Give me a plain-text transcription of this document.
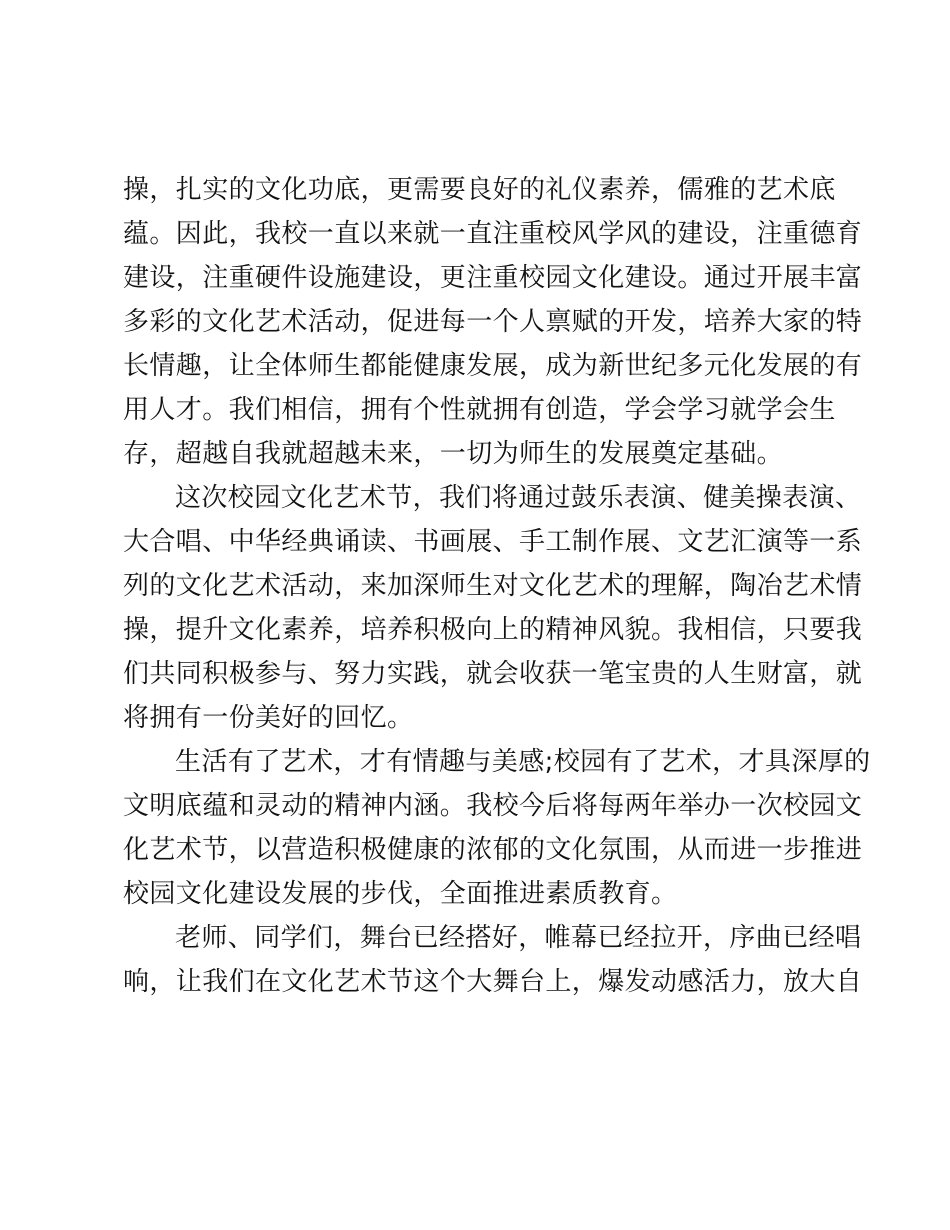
操，扎实的文化功底，更需要良好的礼仪素养，儒雅的艺术底
蕴。因此，我校一直以来就一直注重校风学风的建设，注重德育
建设，注重硬件设施建设，更注重校园文化建设。通过开展丰富
多彩的文化艺术活动，促进每一个人禀赋的开发，培养大家的特
长情趣，让全体师生都能健康发展，成为新世纪多元化发展的有
用人才。我们相信，拥有个性就拥有创造，学会学习就学会生
存，超越自我就超越未来，一切为师生的发展奠定基础。
这次校园文化艺术节，我们将通过鼓乐表演、健美操表演、
大合唱、中华经典诵读、书画展、手工制作展、文艺汇演等一系
列的文化艺术活动，来加深师生对文化艺术的理解，陶冶艺术情
操，提升文化素养，培养积极向上的精神风貌。我相信，只要我
们共同积极参与、努力实践，就会收获一笔宝贵的人生财富，就
将拥有一份美好的回忆。
生活有了艺术，才有情趣与美感;校园有了艺术，才具深厚的
文明底蕴和灵动的精神内涵。我校今后将每两年举办一次校园文
化艺术节，以营造积极健康的浓郁的文化氛围，从而进一步推进
校园文化建设发展的步伐，全面推进素质教育。
老师、同学们，舞台已经搭好，帷幕已经拉开，序曲已经唱
响，让我们在文化艺术节这个大舞台上，爆发动感活力，放大自
